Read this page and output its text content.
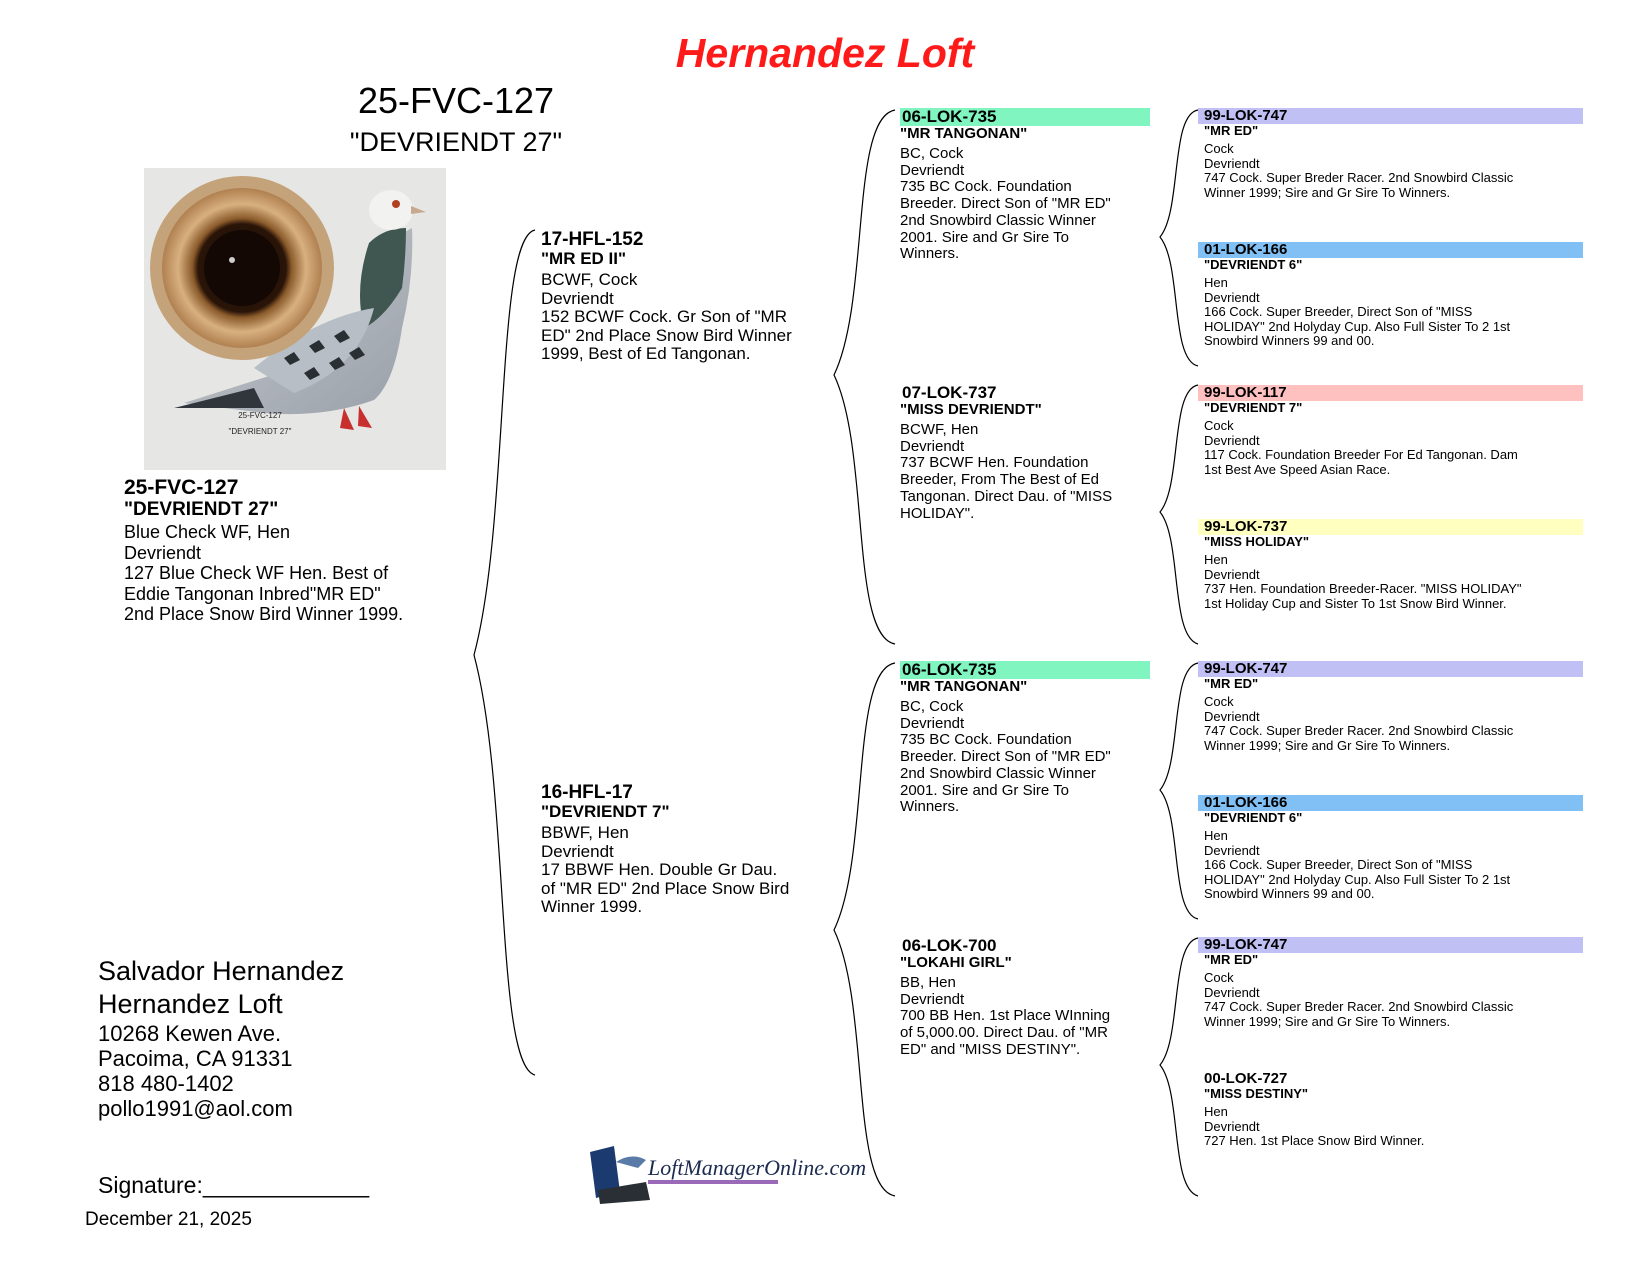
Hernandez Loft
25-FVC-127
"DEVRIENDT 27"
25-FVC-127
"DEVRIENDT 27"
25-FVC-127
"DEVRIENDT 27"
Blue Check WF, Hen
Devriendt
127 Blue Check WF Hen. Best of
Eddie Tangonan Inbred"MR ED"
2nd Place Snow Bird Winner 1999.
17-HFL-152
"MR ED II"
BCWF, Cock
Devriendt
152 BCWF Cock. Gr Son of "MR
ED" 2nd Place Snow Bird Winner
1999, Best of Ed Tangonan.
16-HFL-17
"DEVRIENDT 7"
BBWF, Hen
Devriendt
17 BBWF Hen. Double Gr Dau.
of "MR ED" 2nd Place Snow Bird
Winner 1999.
06-LOK-735
"MR TANGONAN"
BC, Cock
Devriendt
735 BC Cock. Foundation
Breeder. Direct Son of "MR ED"
2nd Snowbird Classic Winner
2001. Sire and Gr Sire To
Winners.
07-LOK-737
"MISS DEVRIENDT"
BCWF, Hen
Devriendt
737 BCWF Hen. Foundation
Breeder, From The Best of Ed
Tangonan. Direct Dau. of "MISS
HOLIDAY".
06-LOK-735
"MR TANGONAN"
BC, Cock
Devriendt
735 BC Cock. Foundation
Breeder. Direct Son of "MR ED"
2nd Snowbird Classic Winner
2001. Sire and Gr Sire To
Winners.
06-LOK-700
"LOKAHI GIRL"
BB, Hen
Devriendt
700 BB Hen. 1st Place WInning
of 5,000.00. Direct Dau. of "MR
ED" and "MISS DESTINY".
99-LOK-747
"MR ED"
Cock
Devriendt
747 Cock. Super Breder Racer. 2nd Snowbird Classic
Winner 1999; Sire and Gr Sire To Winners.
01-LOK-166
"DEVRIENDT 6"
Hen
Devriendt
166 Cock. Super Breeder, Direct Son of "MISS
HOLIDAY" 2nd Holyday Cup. Also Full Sister To 2 1st
Snowbird Winners 99 and 00.
99-LOK-117
"DEVRIENDT 7"
Cock
Devriendt
117 Cock. Foundation Breeder For Ed Tangonan. Dam
1st Best Ave Speed Asian Race.
99-LOK-737
"MISS HOLIDAY"
Hen
Devriendt
737 Hen. Foundation Breeder-Racer. "MISS HOLIDAY"
1st Holiday Cup and Sister To 1st Snow Bird Winner.
99-LOK-747
"MR ED"
Cock
Devriendt
747 Cock. Super Breder Racer. 2nd Snowbird Classic
Winner 1999; Sire and Gr Sire To Winners.
01-LOK-166
"DEVRIENDT 6"
Hen
Devriendt
166 Cock. Super Breeder, Direct Son of "MISS
HOLIDAY" 2nd Holyday Cup. Also Full Sister To 2 1st
Snowbird Winners 99 and 00.
99-LOK-747
"MR ED"
Cock
Devriendt
747 Cock. Super Breder Racer. 2nd Snowbird Classic
Winner 1999; Sire and Gr Sire To Winners.
00-LOK-727
"MISS DESTINY"
Hen
Devriendt
727 Hen. 1st Place Snow Bird Winner.
Salvador Hernandez
Hernandez Loft
10268 Kewen Ave.
Pacoima, CA 91331
818 480-1402
pollo1991@aol.com
Signature:_____________
December 21, 2025
LoftManagerOnline.com
